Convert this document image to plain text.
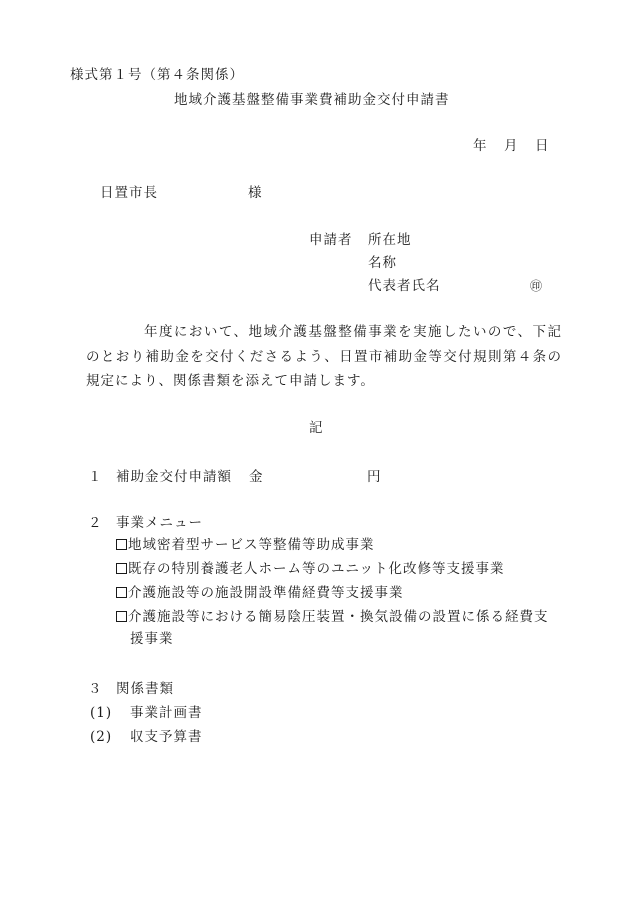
様式第１号（第４条関係）
地域介護基盤整備事業費補助金交付申請書
年 月 日
日置市長	様
申請者 所在地
名称
代表者氏名	㊞
年度において、地域介護基盤整備事業を実施したいので、下記のとおり補助金を交付くださるよう、日置市補助金等交付規則第４条の規定により、関係書類を添えて申請します。
記
１ 補助金交付申請額 金	円
２ 事業メニュー
地域密着型サービス等整備等助成事業
既存の特別養護老人ホーム等のユニット化改修等支援事業
介護施設等の施設開設準備経費等支援事業
介護施設等における簡易陰圧装置・換気設備の設置に係る経費支
援事業
３ 関係書類
(1) 事業計画書
(2) 収支予算書
